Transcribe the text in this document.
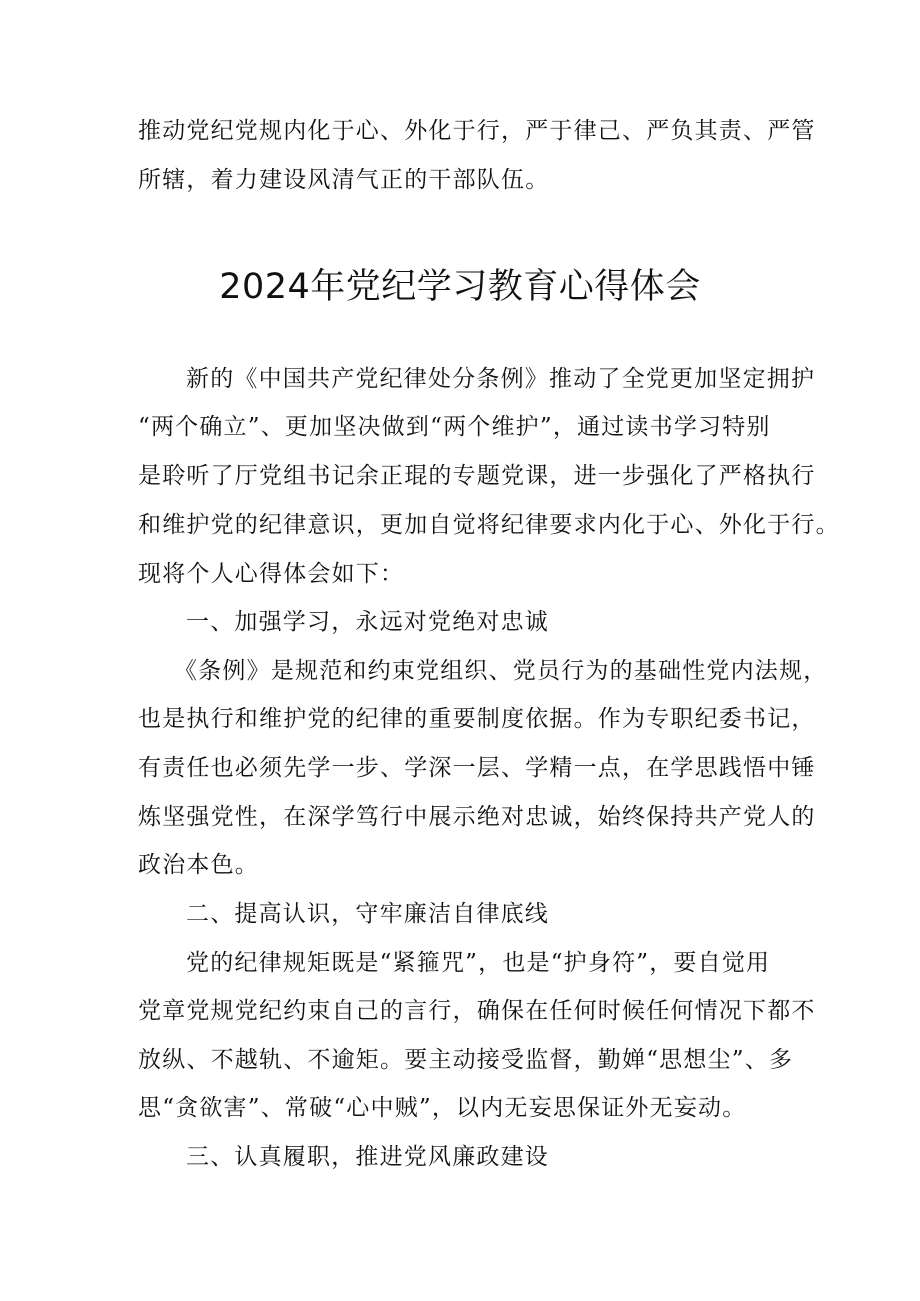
推动党纪党规内化于心、外化于行，严于律己、严负其责、严管
所辖，着力建设风清气正的干部队伍。
2024年党纪学习教育心得体会
新的《中国共产党纪律处分条例》推动了全党更加坚定拥护
“两个确立”、更加坚决做到“两个维护”，通过读书学习特别
是聆听了厅党组书记余正琨的专题党课，进一步强化了严格执行
和维护党的纪律意识，更加自觉将纪律要求内化于心、外化于行。
现将个人心得体会如下：
一、加强学习，永远对党绝对忠诚
《条例》是规范和约束党组织、党员行为的基础性党内法规，
也是执行和维护党的纪律的重要制度依据。作为专职纪委书记，
有责任也必须先学一步、学深一层、学精一点，在学思践悟中锤
炼坚强党性，在深学笃行中展示绝对忠诚，始终保持共产党人的
政治本色。
二、提高认识，守牢廉洁自律底线
党的纪律规矩既是“紧箍咒”，也是“护身符”，要自觉用
党章党规党纪约束自己的言行，确保在任何时候任何情况下都不
放纵、不越轨、不逾矩。要主动接受监督，勤婵“思想尘”、多
思“贪欲害”、常破“心中贼”，以内无妄思保证外无妄动。
三、认真履职，推进党风廉政建设
